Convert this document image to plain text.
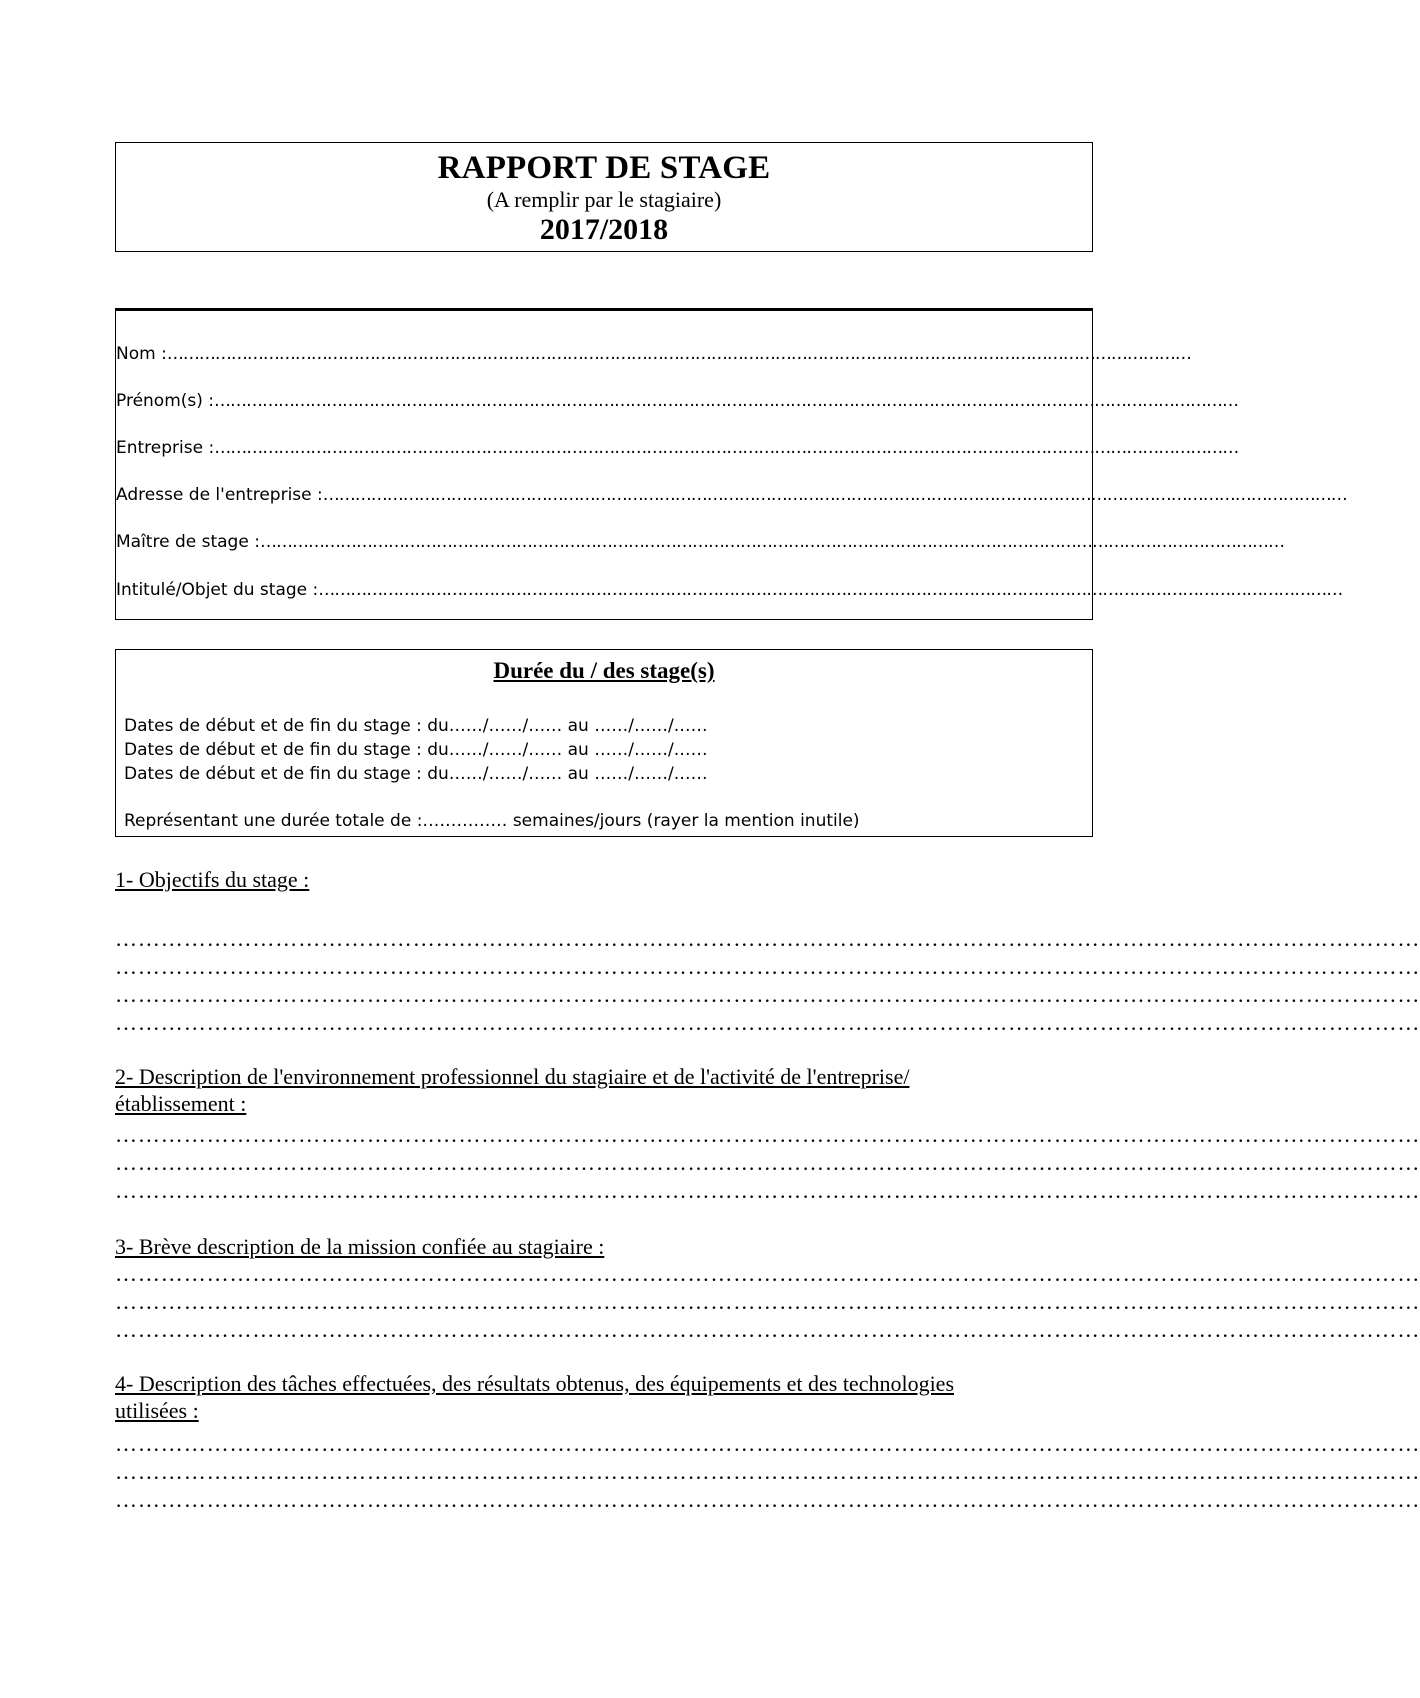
RAPPORT DE STAGE
(A remplir par le stagiaire)
2017/2018
Nom : …………………………………………………………………………………………………………………………………………………………………………
Prénom(s) : …………………………………………………………………………………………………………………………………………………………………………
Entreprise : …………………………………………………………………………………………………………………………………………………………………………
Adresse de l'entreprise : …………………………………………………………………………………………………………………………………………………………………………
Maître de stage : …………………………………………………………………………………………………………………………………………………………………………
Intitulé/Objet du stage : …………………………………………………………………………………………………………………………………………………………………………
Durée du / des stage(s)
Dates de début et de fin du stage : du……/……/…… au ……/……/……
Dates de début et de fin du stage : du……/……/…… au ……/……/……
Dates de début et de fin du stage : du……/……/…… au ……/……/……
Représentant une durée totale de :…………… semaines/jours (rayer la mention inutile)
1- Objectifs du stage :
………………………………………………………………………………………………………………………………………………………
………………………………………………………………………………………………………………………………………………………
………………………………………………………………………………………………………………………………………………………
………………………………………………………………………………………………………………………………………………………
2- Description de l'environnement professionnel du stagiaire et de l'activité de l'entreprise/
établissement :
………………………………………………………………………………………………………………………………………………………
………………………………………………………………………………………………………………………………………………………
………………………………………………………………………………………………………………………………………………………
3- Brève description de la mission confiée au stagiaire :
………………………………………………………………………………………………………………………………………………………
………………………………………………………………………………………………………………………………………………………
………………………………………………………………………………………………………………………………………………………
4- Description des tâches effectuées, des résultats obtenus, des équipements et des technologies
utilisées :
………………………………………………………………………………………………………………………………………………………
………………………………………………………………………………………………………………………………………………………
………………………………………………………………………………………………………………………………………………………
